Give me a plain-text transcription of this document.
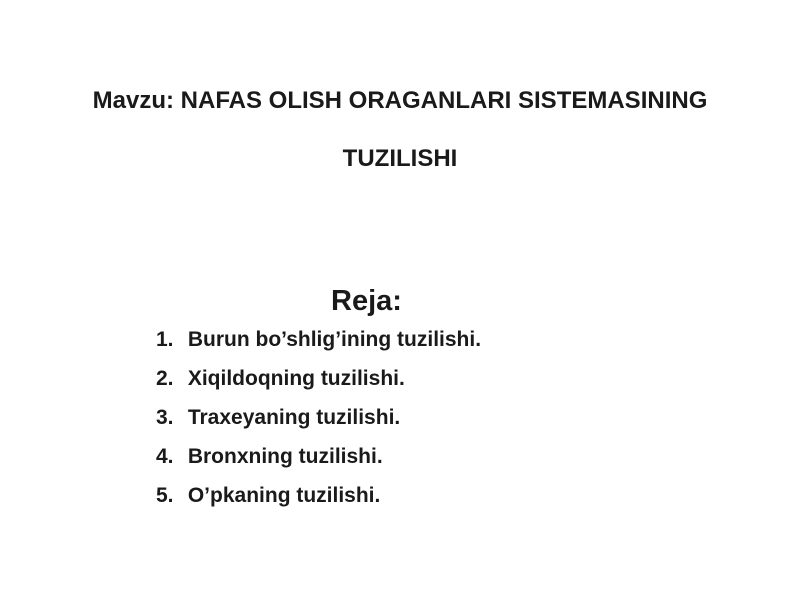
Mavzu: NAFAS OLISH ORAGANLARI SISTEMASINING
TUZILISHI
Reja:
1. Burun bo’shlig’ining tuzilishi.
2. Xiqildoqning tuzilishi.
3. Traxeyaning tuzilishi.
4. Bronxning tuzilishi.
5. O’pkaning tuzilishi.
